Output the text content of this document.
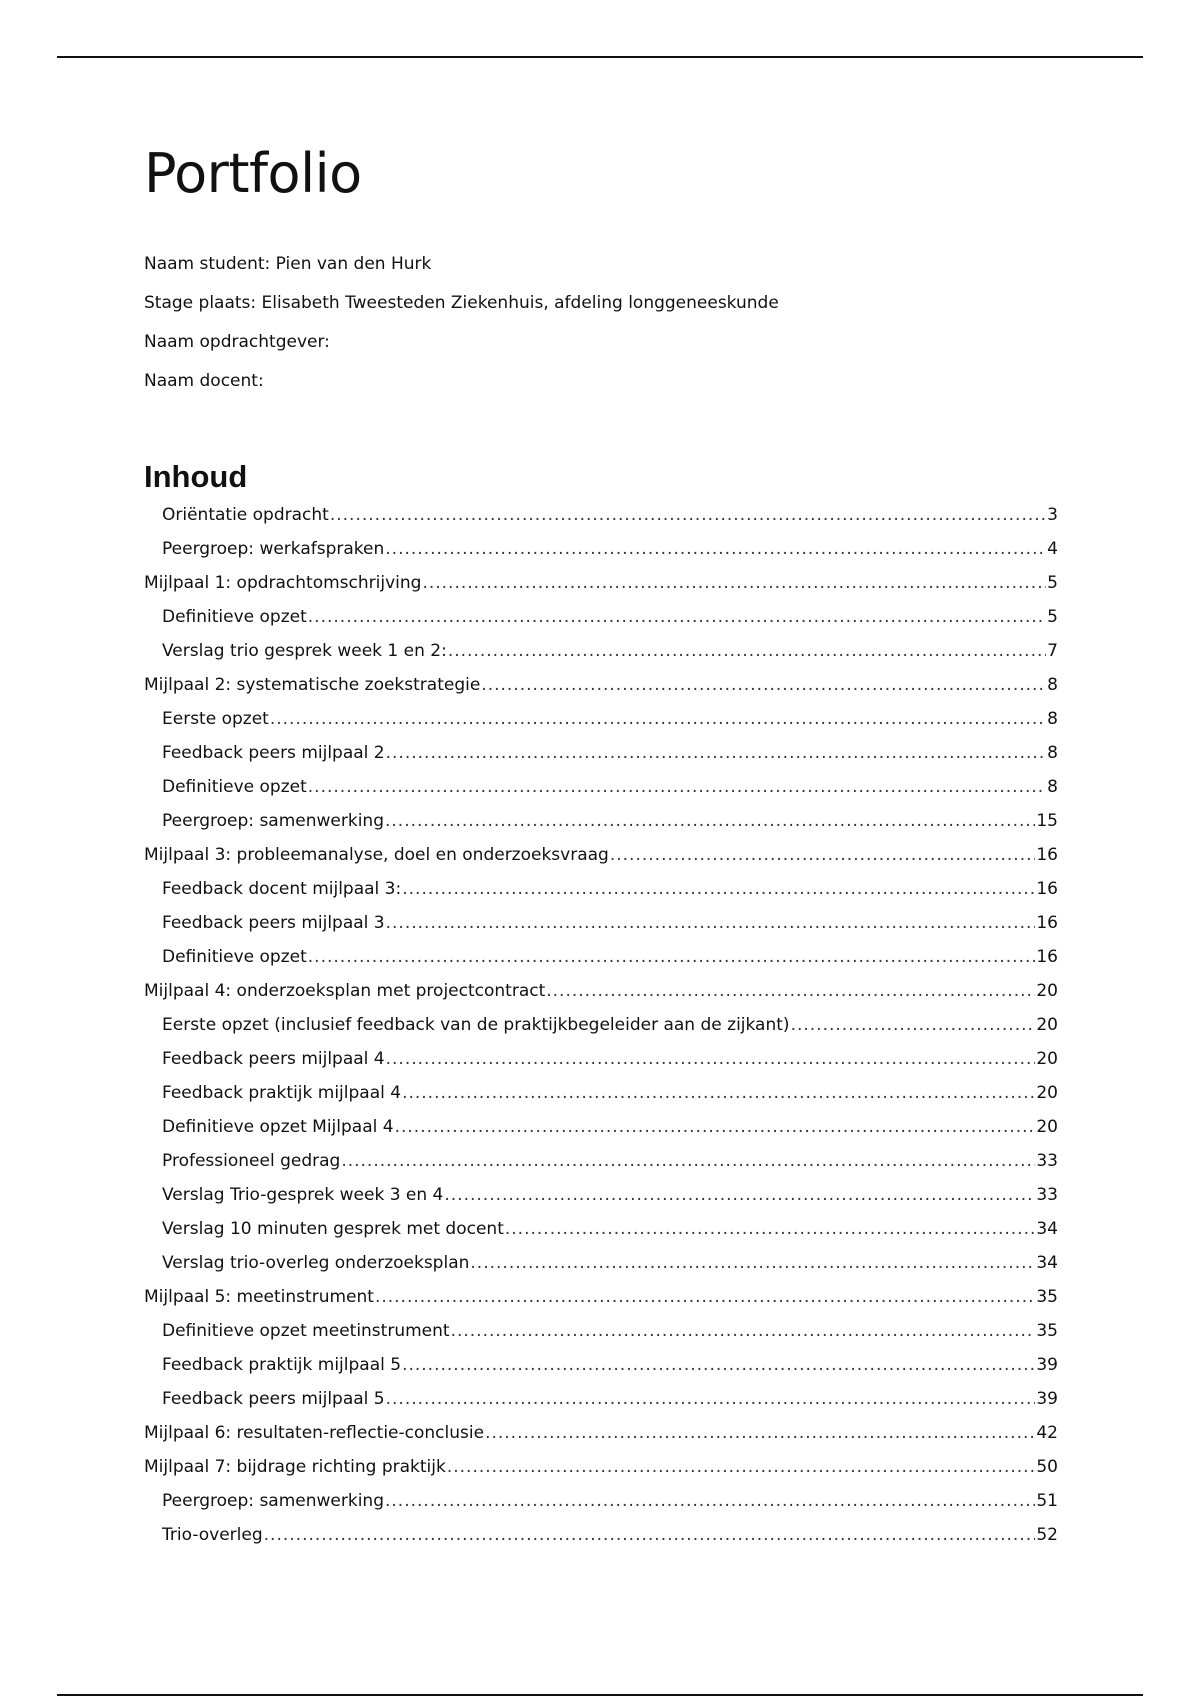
Portfolio
Naam student: Pien van den Hurk
Stage plaats: Elisabeth Tweesteden Ziekenhuis, afdeling longgeneeskunde
Naam opdrachtgever:
Naam docent:
Inhoud
Oriëntatie opdracht .....	3
Peergroep: werkafspraken .....	4
Mijlpaal 1: opdrachtomschrijving .....	5
Definitieve opzet .....	5
Verslag trio gesprek week 1 en 2: .....	7
Mijlpaal 2: systematische zoekstrategie .....	8
Eerste opzet .....	8
Feedback peers mijlpaal 2 .....	8
Definitieve opzet .....	8
Peergroep: samenwerking .....	15
Mijlpaal 3: probleemanalyse, doel en onderzoeksvraag .....	16
Feedback docent mijlpaal 3: .....	16
Feedback peers mijlpaal 3 .....	16
Definitieve opzet .....	16
Mijlpaal 4: onderzoeksplan met projectcontract .....	20
Eerste opzet (inclusief feedback van de praktijkbegeleider aan de zijkant) .....	20
Feedback peers mijlpaal 4 .....	20
Feedback praktijk mijlpaal 4 .....	20
Definitieve opzet Mijlpaal 4 .....	20
Professioneel gedrag .....	33
Verslag Trio-gesprek week 3 en 4 .....	33
Verslag 10 minuten gesprek met docent .....	34
Verslag trio-overleg onderzoeksplan .....	34
Mijlpaal 5: meetinstrument .....	35
Definitieve opzet meetinstrument .....	35
Feedback praktijk mijlpaal 5 .....	39
Feedback peers mijlpaal 5 .....	39
Mijlpaal 6: resultaten-reflectie-conclusie .....	42
Mijlpaal 7: bijdrage richting praktijk .....	50
Peergroep: samenwerking .....	51
Trio-overleg .....	52
